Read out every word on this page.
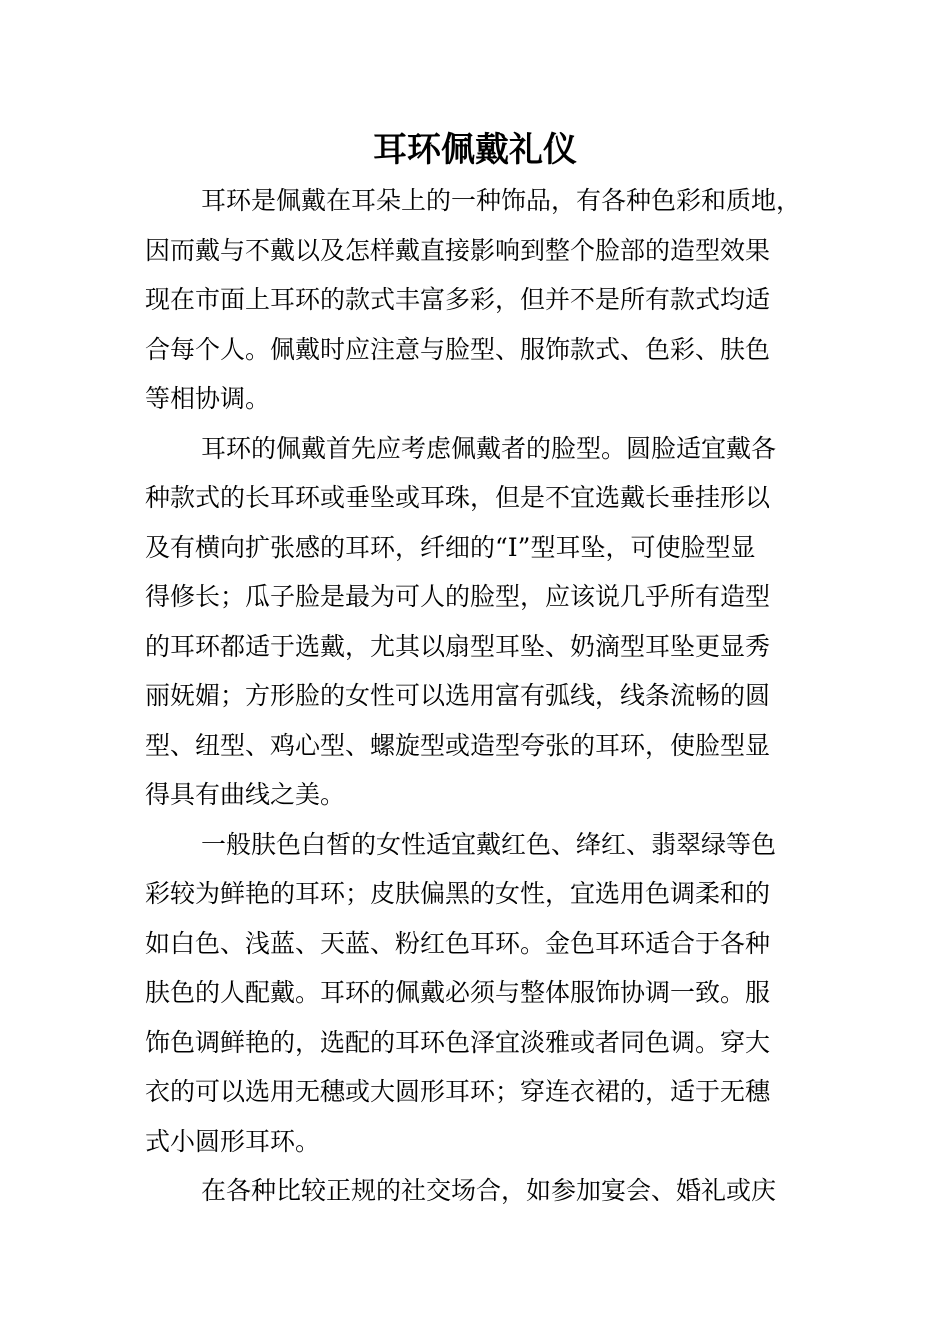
耳环佩戴礼仪
耳环是佩戴在耳朵上的一种饰品，有各种色彩和质地，
因而戴与不戴以及怎样戴直接影响到整个脸部的造型效果
现在市面上耳环的款式丰富多彩，但并不是所有款式均适
合每个人。佩戴时应注意与脸型、服饰款式、色彩、肤色
等相协调。
耳环的佩戴首先应考虑佩戴者的脸型。圆脸适宜戴各
种款式的长耳环或垂坠或耳珠，但是不宜选戴长垂挂形以
及有横向扩张感的耳环，纤细的“I”型耳坠，可使脸型显
得修长；瓜子脸是最为可人的脸型，应该说几乎所有造型
的耳环都适于选戴，尤其以扇型耳坠、奶滴型耳坠更显秀
丽妩媚；方形脸的女性可以选用富有弧线，线条流畅的圆
型、纽型、鸡心型、螺旋型或造型夸张的耳环，使脸型显
得具有曲线之美。
一般肤色白皙的女性适宜戴红色、绛红、翡翠绿等色
彩较为鲜艳的耳环；皮肤偏黑的女性，宜选用色调柔和的
如白色、浅蓝、天蓝、粉红色耳环。金色耳环适合于各种
肤色的人配戴。耳环的佩戴必须与整体服饰协调一致。服
饰色调鲜艳的，选配的耳环色泽宜淡雅或者同色调。穿大
衣的可以选用无穗或大圆形耳环；穿连衣裙的，适于无穗
式小圆形耳环。
在各种比较正规的社交场合，如参加宴会、婚礼或庆
